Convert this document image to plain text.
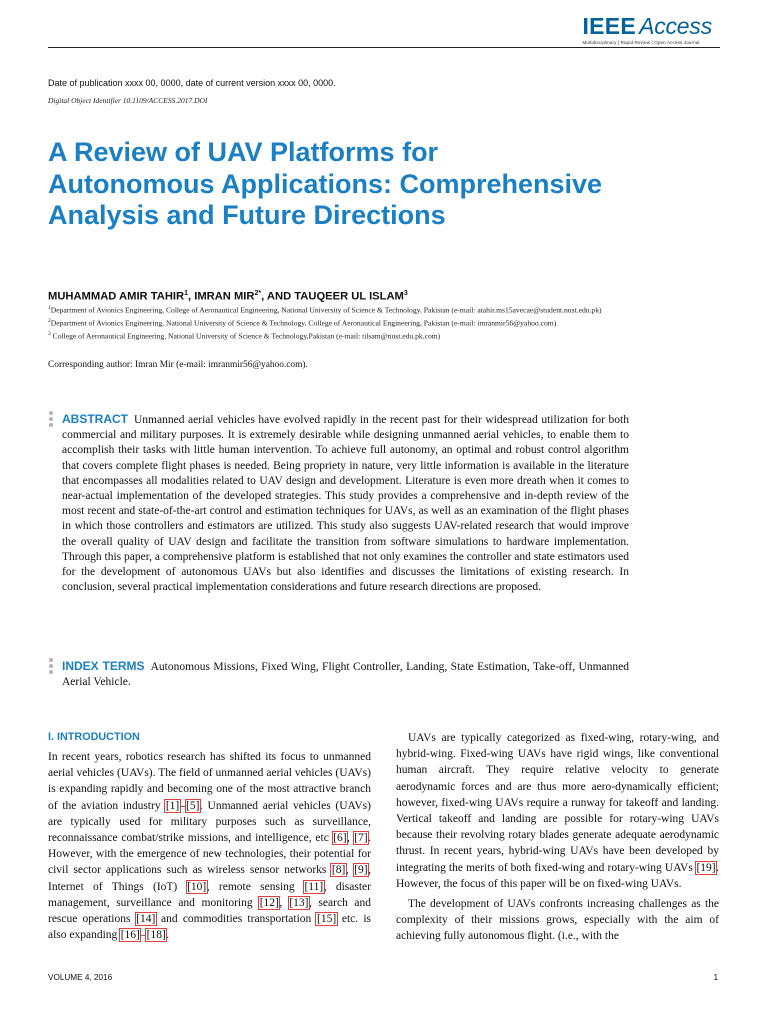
IEEE Access
Multidisciplinary | Rapid Review | Open Access Journal
Date of publication xxxx 00, 0000, date of current version xxxx 00, 0000.
Digital Object Identifier 10.1109/ACCESS.2017.DOI
A Review of UAV Platforms for Autonomous Applications: Comprehensive Analysis and Future Directions
MUHAMMAD AMIR TAHIR$^1$, IMRAN $MIR^{2*}$, AND TAUQEER UL ISLAM$^3$
$^1$Department of Avionics Engineering, College of Aeronautical Engineering, National University of Science & Technology, Pakistan (e-mail: atahir.ms15avecae@student.nust.edu.pk)
$^2$Department of Avionics Engineering, National University of Science & Technology, College of Aeronautical Engineering, Pakistan (e-mail: imranmir56@yahoo.com)
$^3$ College of Aeronautical Engineering, National University of Science & Technology,Pakistan (e-mail: tilsam@nust.edu.pk.com)
Corresponding author: Imran Mir (e-mail: imranmir56@yahoo.com).
ABSTRACT Unmanned aerial vehicles have evolved rapidly in the recent past for their widespread utilization for both commercial and military purposes. It is extremely desirable while designing unmanned aerial vehicles, to enable them to accomplish their tasks with little human intervention. To achieve full autonomy, an optimal and robust control algorithm that covers complete flight phases is needed. Being propriety in nature, very little information is available in the literature that encompasses all modalities related to UAV design and development. Literature is even more dreath when it comes to near-actual implementation of the developed strategies. This study provides a comprehensive and in-depth review of the most recent and state-of-the-art control and estimation techniques for UAVs, as well as an examination of the flight phases in which those controllers and estimators are utilized. This study also suggests UAV-related research that would improve the overall quality of UAV design and facilitate the transition from software simulations to hardware implementation. Through this paper, a comprehensive platform is established that not only examines the controller and state estimators used for the development of autonomous UAVs but also identifies and discusses the limitations of existing research. In conclusion, several practical implementation considerations and future research directions are proposed.
INDEX TERMS Autonomous Missions, Fixed Wing, Flight Controller, Landing, State Estimation, Take-off, Unmanned Aerial Vehicle.
I. INTRODUCTION

In recent years, robotics research has shifted its focus to unmanned aerial vehicles (UAVs). The field of unmanned aerial vehicles (UAVs) is expanding rapidly and becoming one of the most attractive branch of the aviation industry [1]–[5]. Unmanned aerial vehicles (UAVs) are typically used for military purposes such as surveillance, reconnaissance combat/strike missions, and intelligence, etc [6], [7]. However, with the emergence of new technologies, their potential for civil sector applications such as wireless sensor networks [8], [9], Internet of Things (IoT) [10], remote sensing [11], disaster management, surveillance and monitoring [12], [13], search and rescue operations [14] and commodities transportation [15] etc. is also expanding [16]–[18].

UAVs are typically categorized as fixed-wing, rotary-wing, and hybrid-wing. Fixed-wing UAVs have rigid wings, like conventional human aircraft. They require relative velocity to generate aerodynamic forces and are thus more aero-dynamically efficient; however, fixed-wing UAVs require a runway for takeoff and landing. Vertical takeoff and landing are possible for rotary-wing UAVs because their revolving rotary blades generate adequate aerodynamic thrust. In recent years, hybrid-wing UAVs have been developed by integrating the merits of both fixed-wing and rotary-wing UAVs [19]. However, the focus of this paper will be on fixed-wing UAVs.

The development of UAVs confronts increasing challenges as the complexity of their missions grows, especially with the aim of achieving fully autonomous flight. (i.e., with the

VOLUME 4, 2016	1
